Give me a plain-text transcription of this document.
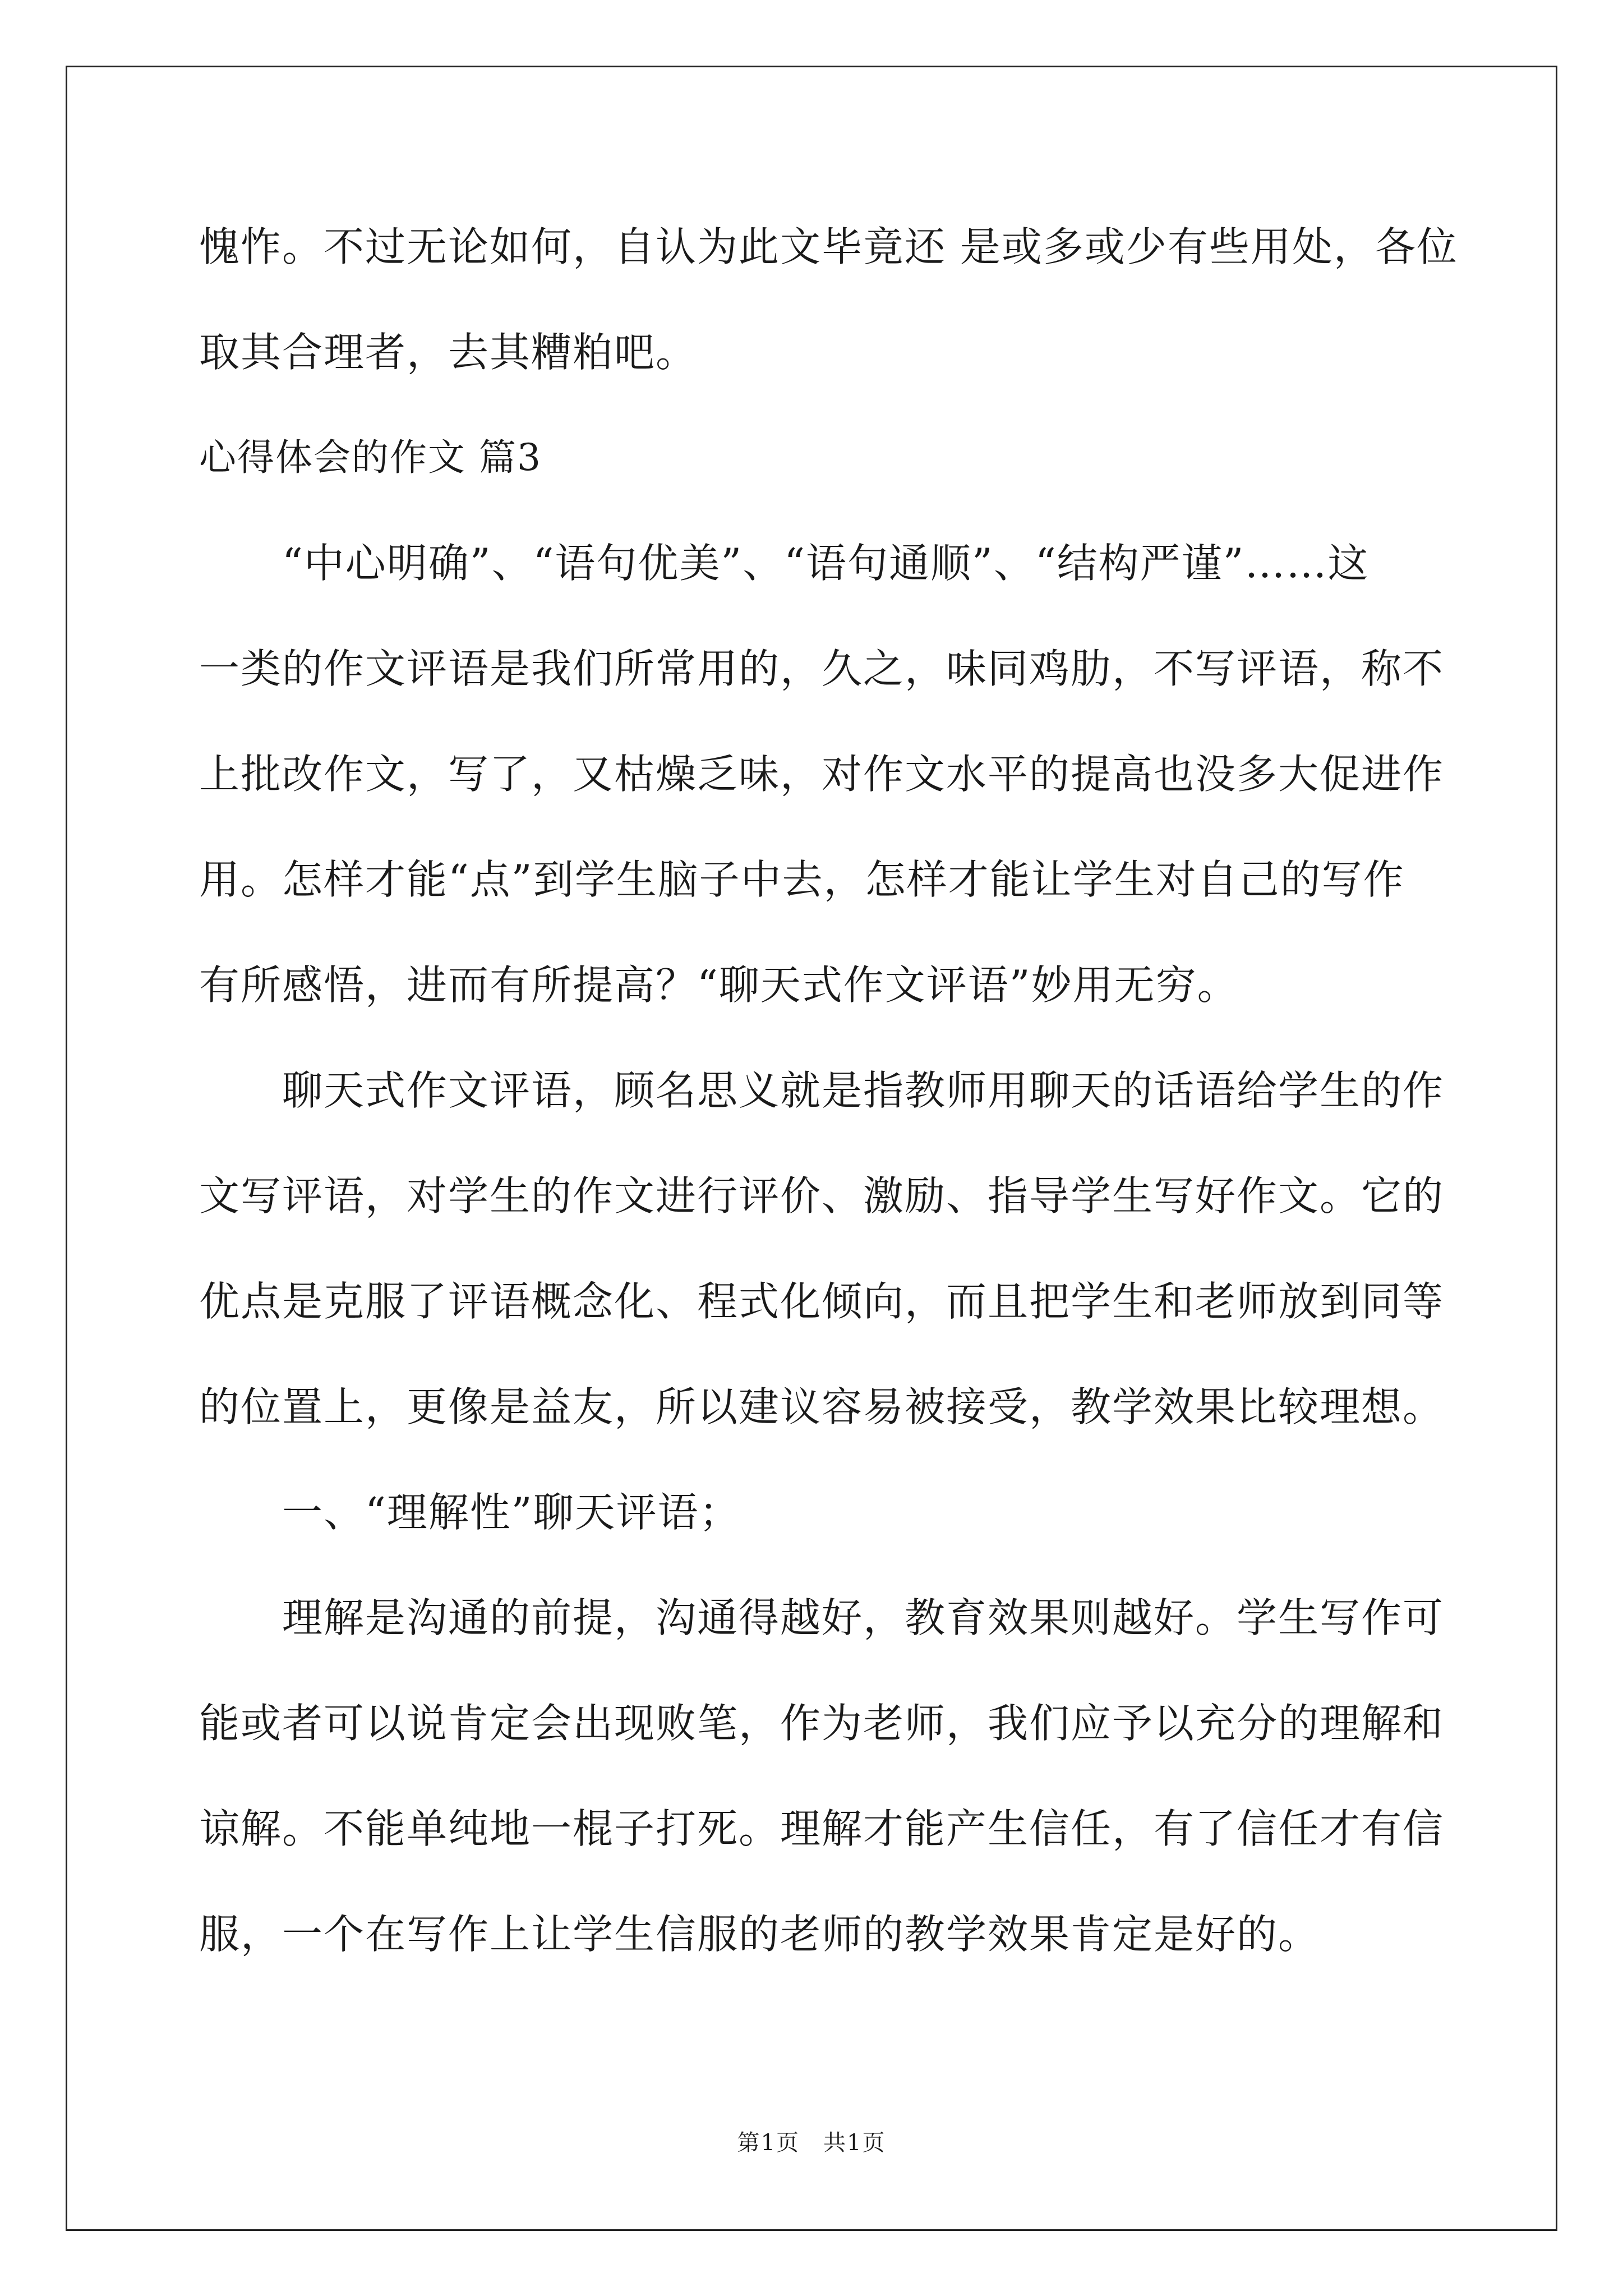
愧怍。不过无论如何，自认为此文毕竟还 是或多或少有些用处，各位
取其合理者，去其糟粕吧。
心得体会的作文 篇3
　　“中心明确”、“语句优美”、“语句通顺”、“结构严谨”……这
一类的作文评语是我们所常用的，久之，味同鸡肋，不写评语，称不
上批改作文，写了，又枯燥乏味，对作文水平的提高也没多大促进作
用。怎样才能“点”到学生脑子中去，怎样才能让学生对自己的写作
有所感悟，进而有所提高？“聊天式作文评语”妙用无穷。
　　聊天式作文评语，顾名思义就是指教师用聊天的话语给学生的作
文写评语，对学生的作文进行评价、激励、指导学生写好作文。它的
优点是克服了评语概念化、程式化倾向，而且把学生和老师放到同等
的位置上，更像是益友，所以建议容易被接受，教学效果比较理想。
　　一、“理解性”聊天评语；
　　理解是沟通的前提，沟通得越好，教育效果则越好。学生写作可
能或者可以说肯定会出现败笔，作为老师，我们应予以充分的理解和
谅解。不能单纯地一棍子打死。理解才能产生信任，有了信任才有信
服，一个在写作上让学生信服的老师的教学效果肯定是好的。
第1页　共1页
